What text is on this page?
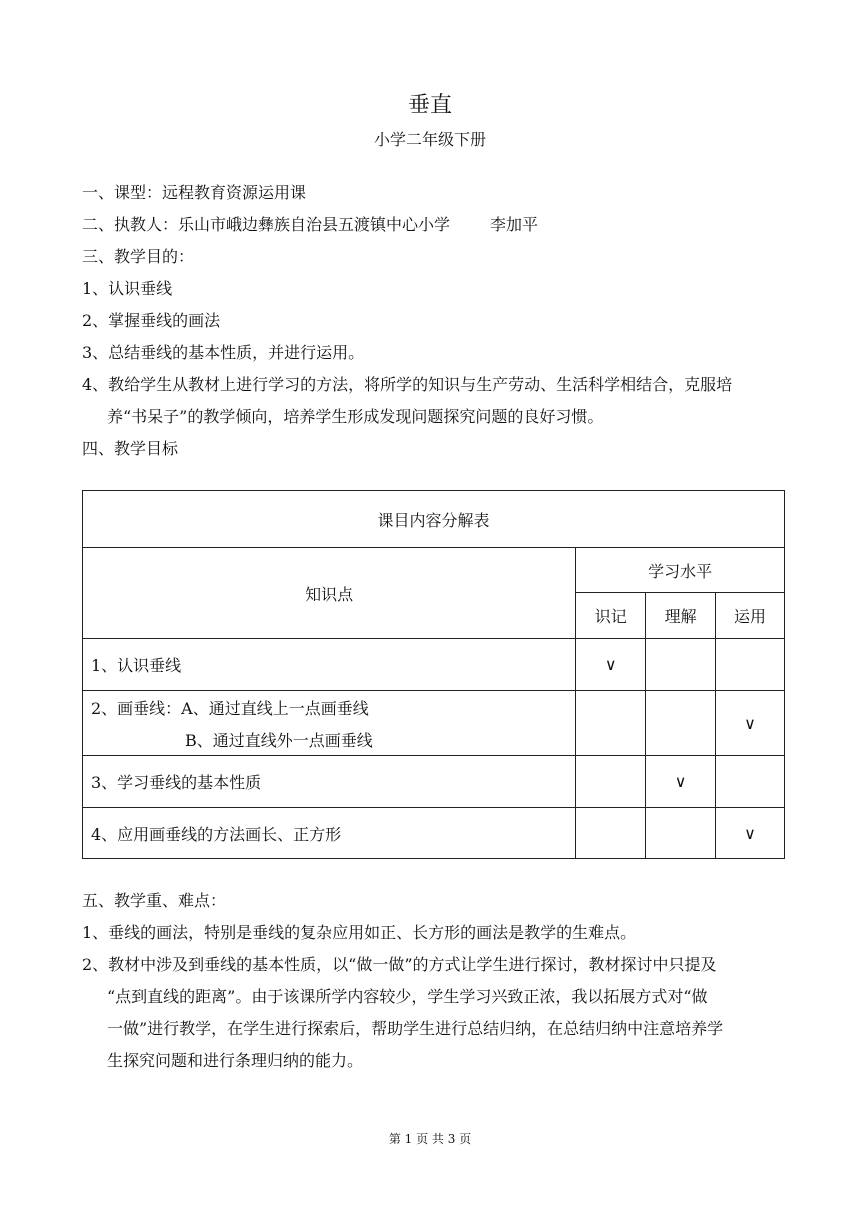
垂直
小学二年级下册
一、课型：远程教育资源运用课
二、执教人：乐山市峨边彝族自治县五渡镇中心小学	李加平
三、教学目的：
1、认识垂线
2、掌握垂线的画法
3、总结垂线的基本性质，并进行运用。
4、教给学生从教材上进行学习的方法，将所学的知识与生产劳动、生活科学相结合，克服培
养“书呆子”的教学倾向，培养学生形成发现问题探究问题的良好习惯。
四、教学目标
课目内容分解表			
知识点	学习水平		
	识记	理解	运用
1、认识垂线	∨		
2、画垂线：A、通过直线上一点画垂线
B、通过直线外一点画垂线			∨
3、学习垂线的基本性质		∨	
4、应用画垂线的方法画长、正方形			∨
五、教学重、难点：
1、垂线的画法，特别是垂线的复杂应用如正、长方形的画法是教学的生难点。
2、教材中涉及到垂线的基本性质，以“做一做”的方式让学生进行探讨，教材探讨中只提及
“点到直线的距离”。由于该课所学内容较少，学生学习兴致正浓，我以拓展方式对“做
一做”进行教学，在学生进行探索后，帮助学生进行总结归纳，在总结归纳中注意培养学
生探究问题和进行条理归纳的能力。
第 1 页 共 3 页
